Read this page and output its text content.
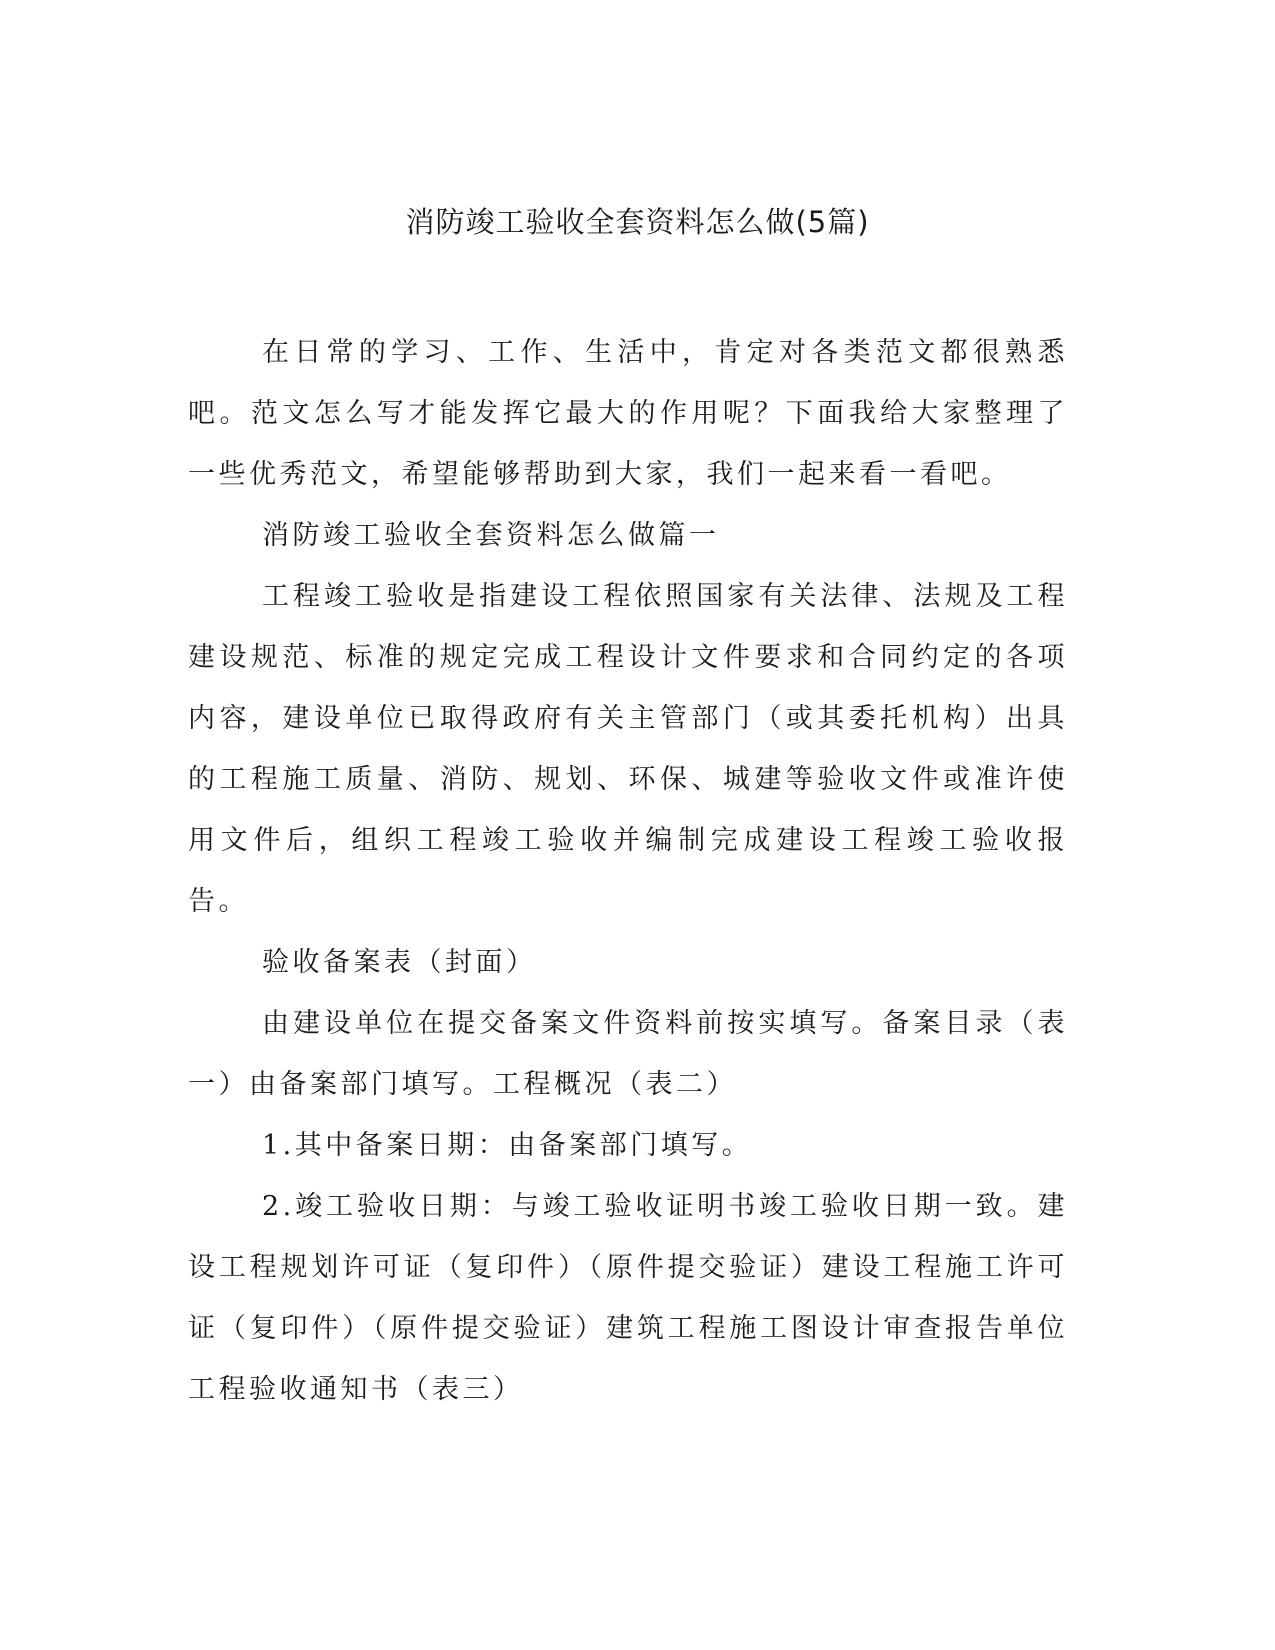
消防竣工验收全套资料怎么做(5篇)

在日常的学习、工作、生活中，肯定对各类范文都很熟悉吧。范文怎么写才能发挥它最大的作用呢？下面我给大家整理了一些优秀范文，希望能够帮助到大家，我们一起来看一看吧。

消防竣工验收全套资料怎么做篇一

工程竣工验收是指建设工程依照国家有关法律、法规及工程建设规范、标准的规定完成工程设计文件要求和合同约定的各项内容，建设单位已取得政府有关主管部门（或其委托机构）出具的工程施工质量、消防、规划、环保、城建等验收文件或准许使用文件后，组织工程竣工验收并编制完成建设工程竣工验收报告。

验收备案表（封面）

由建设单位在提交备案文件资料前按实填写。备案目录（表一）由备案部门填写。工程概况（表二）

1.其中备案日期：由备案部门填写。

2.竣工验收日期：与竣工验收证明书竣工验收日期一致。建设工程规划许可证（复印件）（原件提交验证）建设工程施工许可证（复印件）（原件提交验证）建筑工程施工图设计审查报告单位工程验收通知书（表三）
